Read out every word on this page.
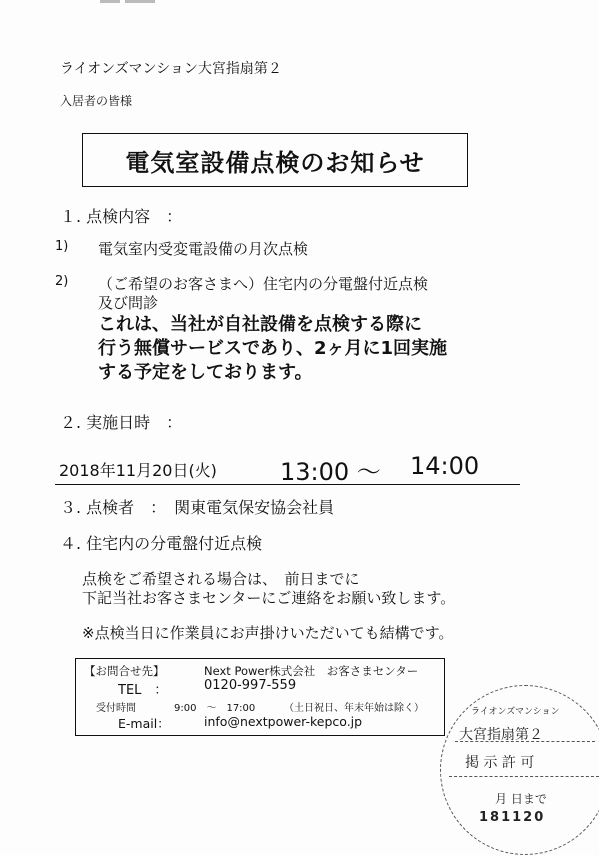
ライオンズマンション大宮指扇第２
入居者の皆様
電気室設備点検のお知らせ
１. 点検内容　：
1) 電気室内受変電設備の月次点検
2) （ご希望のお客さまへ）住宅内の分電盤付近点検
及び問診
これは、当社が自社設備を点検する際に
行う無償サービスであり、2ヶ月に1回実施
する予定をしております。
２. 実施日時　：
2018年11月20日(火)	13:00 ～ 14:00
３. 点検者　：　関東電気保安協会社員
４. 住宅内の分電盤付近点検
点検をご希望される場合は、　前日までに
下記当社お客さまセンターにご連絡をお願い致します。
※点検当日に作業員にお声掛けいただいても結構です。
【お問合せ先】	Next Power株式会社　お客さまセンター
TEL　：	0120-997-559
受付時間	9:00　～　17:00	（土日祝日、年末年始は除く）
E-mail：	info@nextpower-kepco.jp
ライオンズマンション
大宮指扇第２
掲 示 許 可
月 日まで
181120
